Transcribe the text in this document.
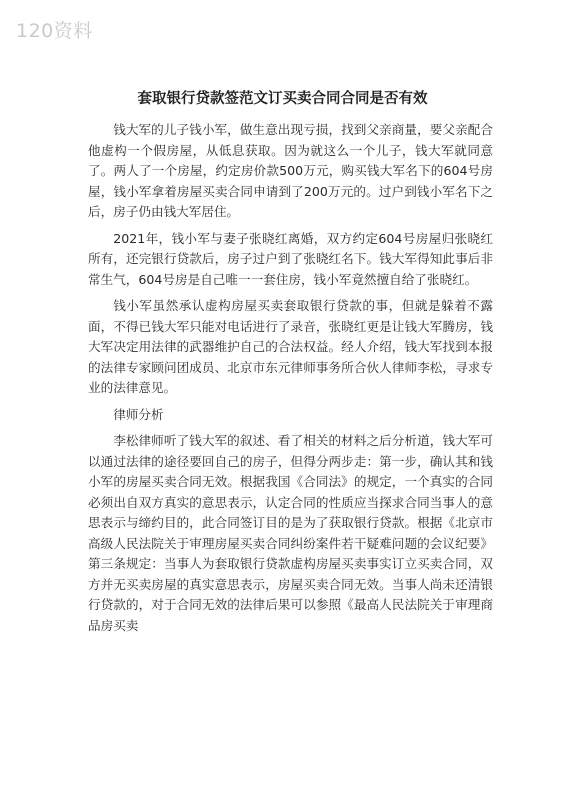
120资料
套取银行贷款签范文订买卖合同合同是否有效

钱大军的儿子钱小军，做生意出现亏损，找到父亲商量，要父亲配合他虚构一个假房屋，从低息获取。因为就这么一个儿子，钱大军就同意了。两人了一个房屋，约定房价款500万元，购买钱大军名下的604号房屋，钱小军拿着房屋买卖合同申请到了200万元的。过户到钱小军名下之后，房子仍由钱大军居住。

2021年，钱小军与妻子张晓红离婚，双方约定604号房屋归张晓红所有，还完银行贷款后，房子过户到了张晓红名下。钱大军得知此事后非常生气，604号房是自己唯一一套住房，钱小军竟然擅自给了张晓红。

钱小军虽然承认虚构房屋买卖套取银行贷款的事，但就是躲着不露面，不得已钱大军只能对电话进行了录音，张晓红更是让钱大军腾房，钱大军决定用法律的武器维护自己的合法权益。经人介绍，钱大军找到本报的法律专家顾问团成员、北京市东元律师事务所合伙人律师李松，寻求专业的法律意见。

律师分析

李松律师听了钱大军的叙述、看了相关的材料之后分析道，钱大军可以通过法律的途径要回自己的房子，但得分两步走：第一步，确认其和钱小军的房屋买卖合同无效。根据我国《合同法》的规定，一个真实的合同必须出自双方真实的意思表示，认定合同的性质应当探求合同当事人的意思表示与缔约目的，此合同签订目的是为了获取银行贷款。根据《北京市高级人民法院关于审理房屋买卖合同纠纷案件若干疑难问题的会议纪要》第三条规定：当事人为套取银行贷款虚构房屋买卖事实订立买卖合同，双方并无买卖房屋的真实意思表示，房屋买卖合同无效。当事人尚未还清银行贷款的，对于合同无效的法律后果可以参照《最高人民法院关于审理商品房买卖
